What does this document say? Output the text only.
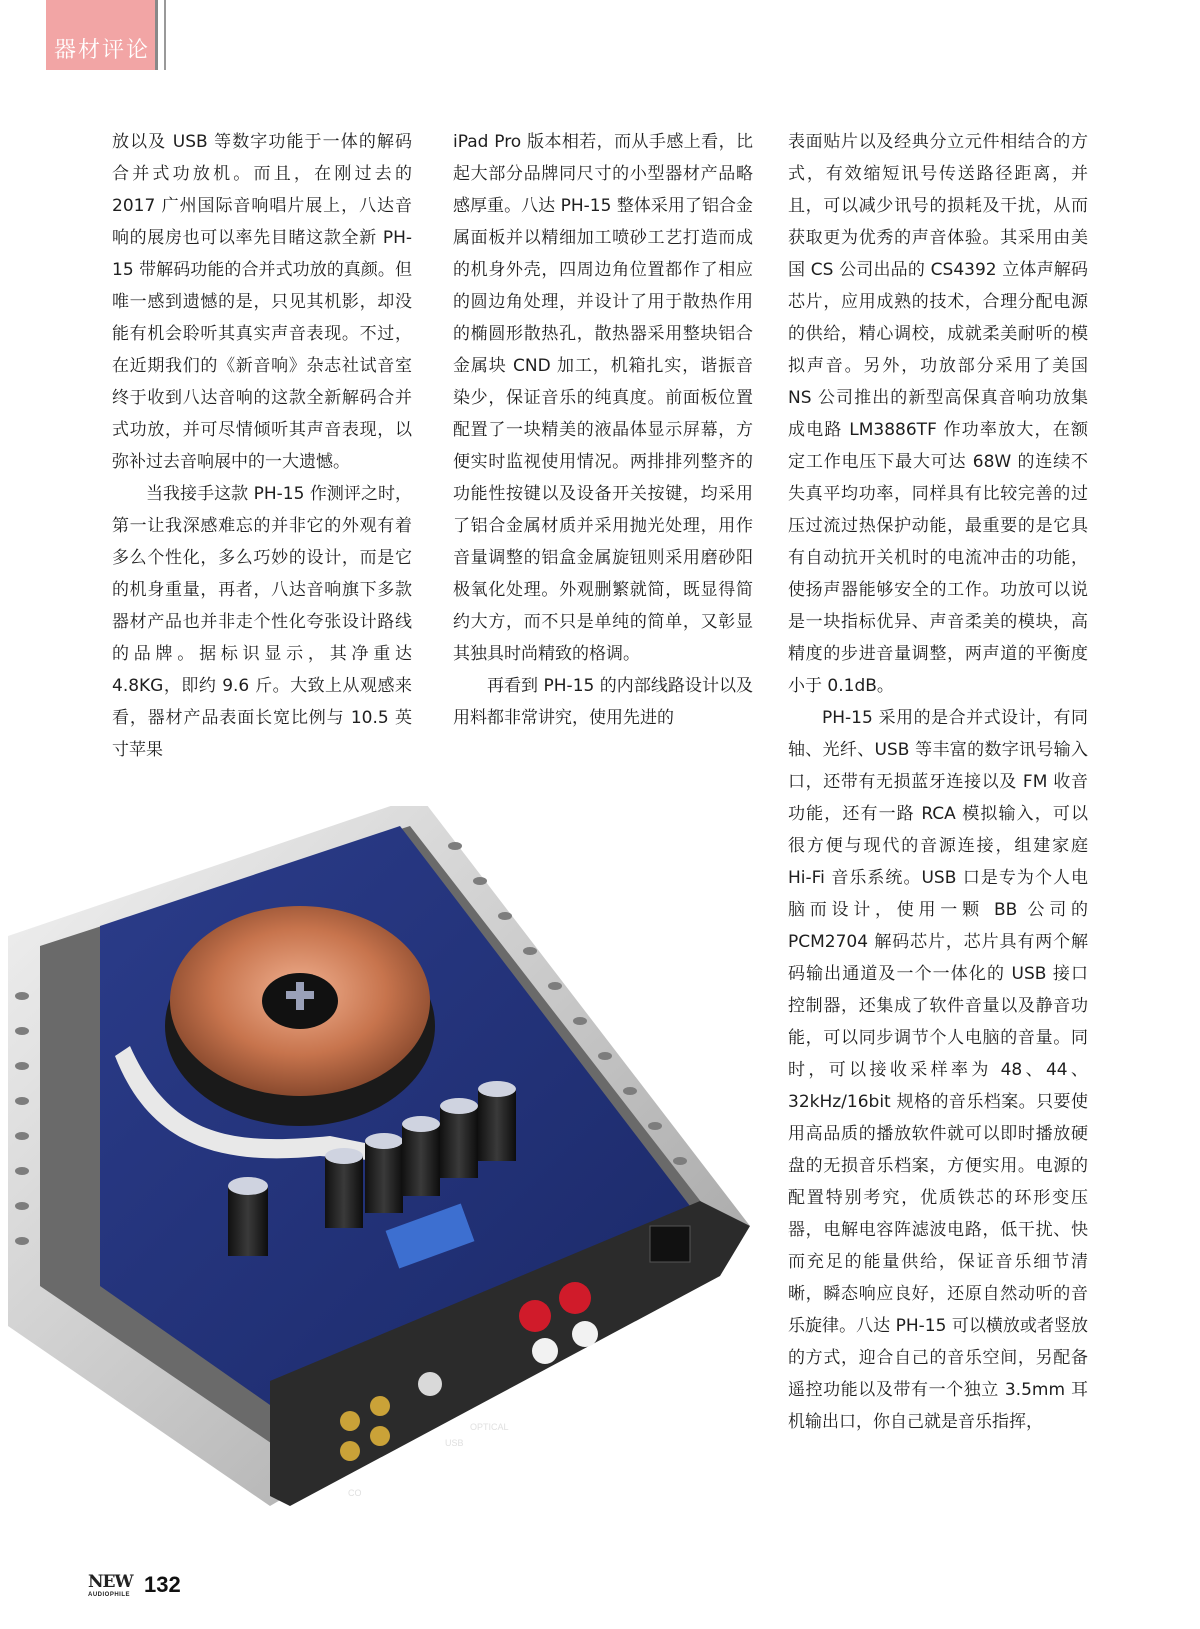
器材评论

放以及 USB 等数字功能于一体的解码合并式功放机。而且，在刚过去的 2017 广州国际音响唱片展上，八达音响的展房也可以率先目睹这款全新 PH-15 带解码功能的合并式功放的真颜。但唯一感到遗憾的是，只见其机影，却没能有机会聆听其真实声音表现。不过，在近期我们的《新音响》杂志社试音室终于收到八达音响的这款全新解码合并式功放，并可尽情倾听其声音表现，以弥补过去音响展中的一大遗憾。

当我接手这款 PH-15 作测评之时，第一让我深感难忘的并非它的外观有着多么个性化，多么巧妙的设计，而是它的机身重量，再者，八达音响旗下多款器材产品也并非走个性化夸张设计路线的品牌。据标识显示，其净重达 4.8KG，即约 9.6 斤。大致上从观感来看，器材产品表面长宽比例与 10.5 英寸苹果

iPad Pro 版本相若，而从手感上看，比起大部分品牌同尺寸的小型器材产品略感厚重。八达 PH-15 整体采用了铝合金属面板并以精细加工喷砂工艺打造而成的机身外壳，四周边角位置都作了相应的圆边角处理，并设计了用于散热作用的椭圆形散热孔，散热器采用整块铝合金属块 CND 加工，机箱扎实，谐振音染少，保证音乐的纯真度。前面板位置配置了一块精美的液晶体显示屏幕，方便实时监视使用情况。两排排列整齐的功能性按键以及设备开关按键，均采用了铝合金属材质并采用抛光处理，用作音量调整的铝盒金属旋钮则采用磨砂阳极氧化处理。外观删繁就简，既显得简约大方，而不只是单纯的简单，又彰显其独具时尚精致的格调。

再看到 PH-15 的内部线路设计以及用料都非常讲究，使用先进的

表面贴片以及经典分立元件相结合的方式，有效缩短讯号传送路径距离，并且，可以减少讯号的损耗及干扰，从而获取更为优秀的声音体验。其采用由美国 CS 公司出品的 CS4392 立体声解码芯片，应用成熟的技术，合理分配电源的供给，精心调校，成就柔美耐听的模拟声音。另外，功放部分采用了美国 NS 公司推出的新型高保真音响功放集成电路 LM3886TF 作功率放大，在额定工作电压下最大可达 68W 的连续不失真平均功率，同样具有比较完善的过压过流过热保护动能，最重要的是它具有自动抗开关机时的电流冲击的功能，使扬声器能够安全的工作。功放可以说是一块指标优异、声音柔美的模块，高精度的步进音量调整，两声道的平衡度小于 0.1dB。

PH-15 采用的是合并式设计，有同轴、光纤、USB 等丰富的数字讯号输入口，还带有无损蓝牙连接以及 FM 收音功能，还有一路 RCA 模拟输入，可以很方便与现代的音源连接，组建家庭 Hi-Fi 音乐系统。USB 口是专为个人电脑而设计，使用一颗 BB 公司的 PCM2704 解码芯片，芯片具有两个解码输出通道及一个一体化的 USB 接口控制器，还集成了软件音量以及静音功能，可以同步调节个人电脑的音量。同时，可以接收采样率为 48、44、32kHz/16bit 规格的音乐档案。只要使用高品质的播放软件就可以即时播放硬盘的无损音乐档案，方便实用。电源的配置特别考究，优质铁芯的环形变压器，电解电容阵滤波电路，低干扰、快而充足的能量供给，保证音乐细节清晰，瞬态响应良好，还原自然动听的音乐旋律。八达 PH-15 可以横放或者竖放的方式，迎合自己的音乐空间，另配备遥控功能以及带有一个独立 3.5mm 耳机输出口，你自己就是音乐指挥，

USB
OPTICAL
CO
NEW
AUDIOPHILE 132
